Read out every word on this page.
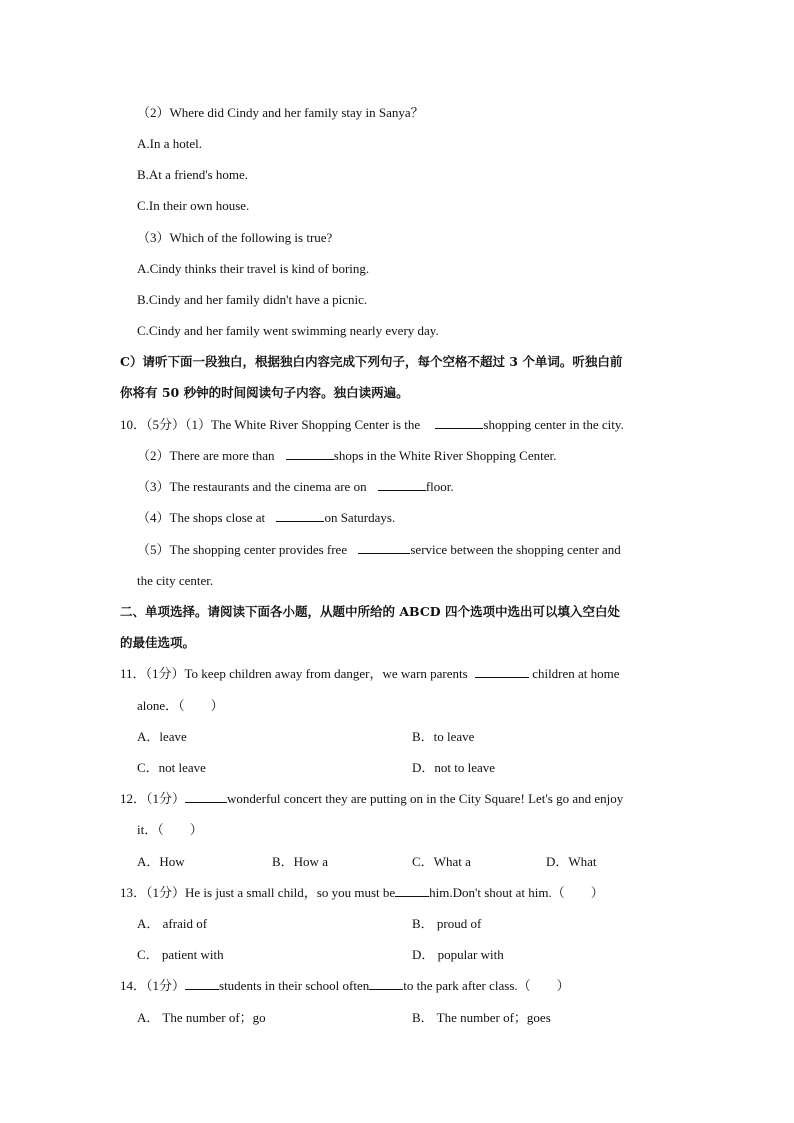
（2）Where did Cindy and her family stay in Sanya？
A.In a hotel.
B.At a friend's home.
C.In their own house.
（3）Which of the following is true?
A.Cindy thinks their travel is kind of boring.
B.Cindy and her family didn't have a picnic.
C.Cindy and her family went swimming nearly every day.
C）请听下面一段独白，根据独白内容完成下列句子，每个空格不超过 3 个单词。听独白前
你将有 50 秒钟的时间阅读句子内容。独白读两遍。
10．（5分）（1）The White River Shopping Center is the	shopping center in the city.
（2）There are more than	shops in the White River Shopping Center.
（3）The restaurants and the cinema are on	floor.
（4）The shops close at	on Saturdays.
（5）The shopping center provides free	service between the shopping center and
the city center.
二、单项选择。请阅读下面各小题，从题中所给的 ABCD 四个选项中选出可以填入空白处
的最佳选项。
11．（1分）To keep children away from danger，we warn parents	children at home
alone．（　　）
A．leave	B．to leave
C．not leave	D．not to leave
12．（1分）	wonderful concert they are putting on in the City Square! Let's go and enjoy
it．（　　）
A．How	B．How a	C．What a	D．What
13．（1分）He is just a small child，so you must be	him.Don't shout at him.（　　）
A． afraid of	B． proud of
C． patient with	D． popular with
14．（1分）	students in their school often	to the park after class.（　　）
A． The number of；go	B． The number of；goes
